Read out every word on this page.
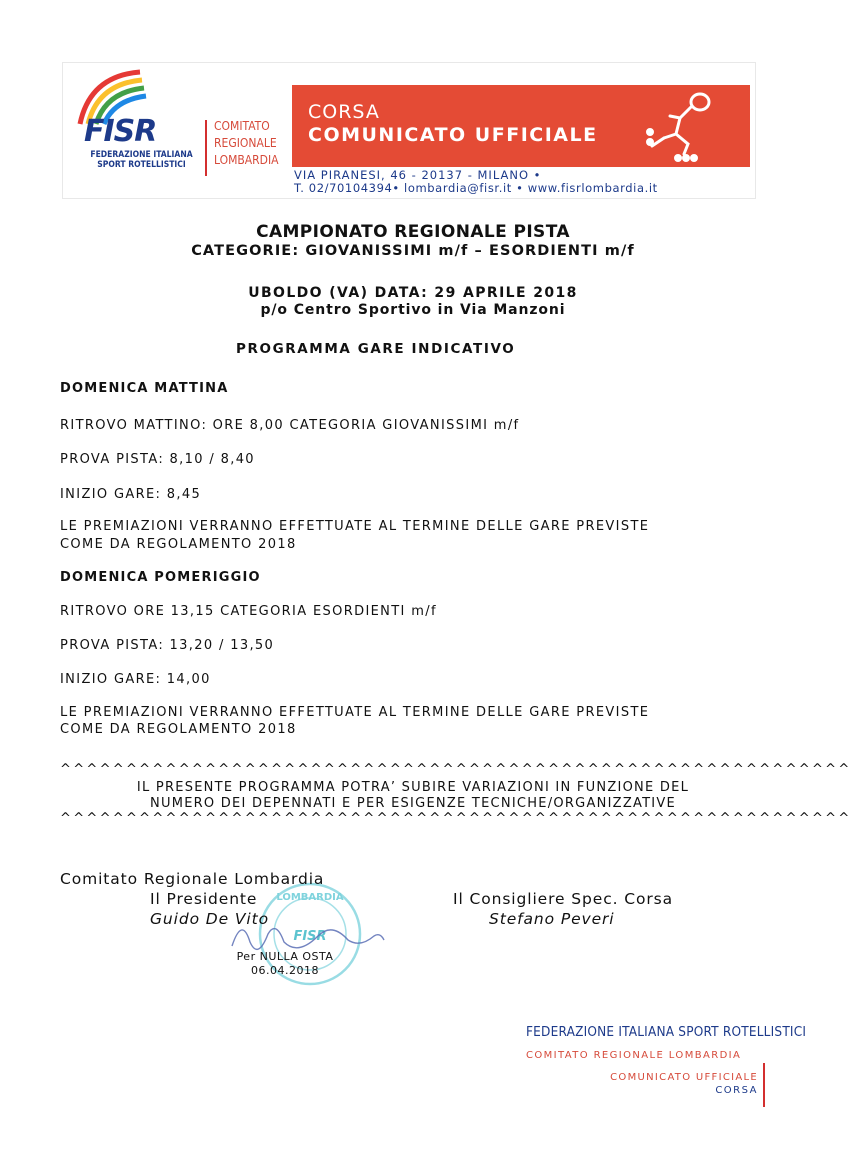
FISR
FEDERAZIONE ITALIANA SPORT ROTELLISTICI
COMITATO
REGIONALE
LOMBARDIA
CORSA
COMUNICATO UFFICIALE
VIA PIRANESI, 46 - 20137 - MILANO •
T. 02/70104394• lombardia@fisr.it • www.fisrlombardia.it
CAMPIONATO REGIONALE PISTA
CATEGORIE: GIOVANISSIMI m/f – ESORDIENTI m/f
UBOLDO (VA) DATA: 29 APRILE 2018
p/o Centro Sportivo in Via Manzoni
PROGRAMMA GARE INDICATIVO
DOMENICA MATTINA
RITROVO MATTINO: ORE 8,00 CATEGORIA GIOVANISSIMI m/f
PROVA PISTA: 8,10 / 8,40
INIZIO GARE: 8,45
LE PREMIAZIONI VERRANNO EFFETTUATE AL TERMINE DELLE GARE PREVISTE
COME DA REGOLAMENTO 2018
DOMENICA POMERIGGIO
RITROVO ORE 13,15 CATEGORIA ESORDIENTI m/f
PROVA PISTA: 13,20 / 13,50
INIZIO GARE: 14,00
LE PREMIAZIONI VERRANNO EFFETTUATE AL TERMINE DELLE GARE PREVISTE
COME DA REGOLAMENTO 2018
^^^^^^^^^^^^^^^^^^^^^^^^^^^^^^^^^^^^^^^^^^^^^^^^^^^^^^^^^^^^
IL PRESENTE PROGRAMMA POTRA’ SUBIRE VARIAZIONI IN FUNZIONE DEL
NUMERO DEI DEPENNATI E PER ESIGENZE TECNICHE/ORGANIZZATIVE
^^^^^^^^^^^^^^^^^^^^^^^^^^^^^^^^^^^^^^^^^^^^^^^^^^^^^^^^^^^^
LOMBARDIA
FISR
Comitato Regionale Lombardia
Il Presidente
Guido De Vito
Il Consigliere Spec. Corsa
Stefano Peveri
Per NULLA OSTA
06.04.2018
FEDERAZIONE ITALIANA SPORT ROTELLISTICI
COMITATO REGIONALE LOMBARDIA
COMUNICATO UFFICIALE
CORSA
